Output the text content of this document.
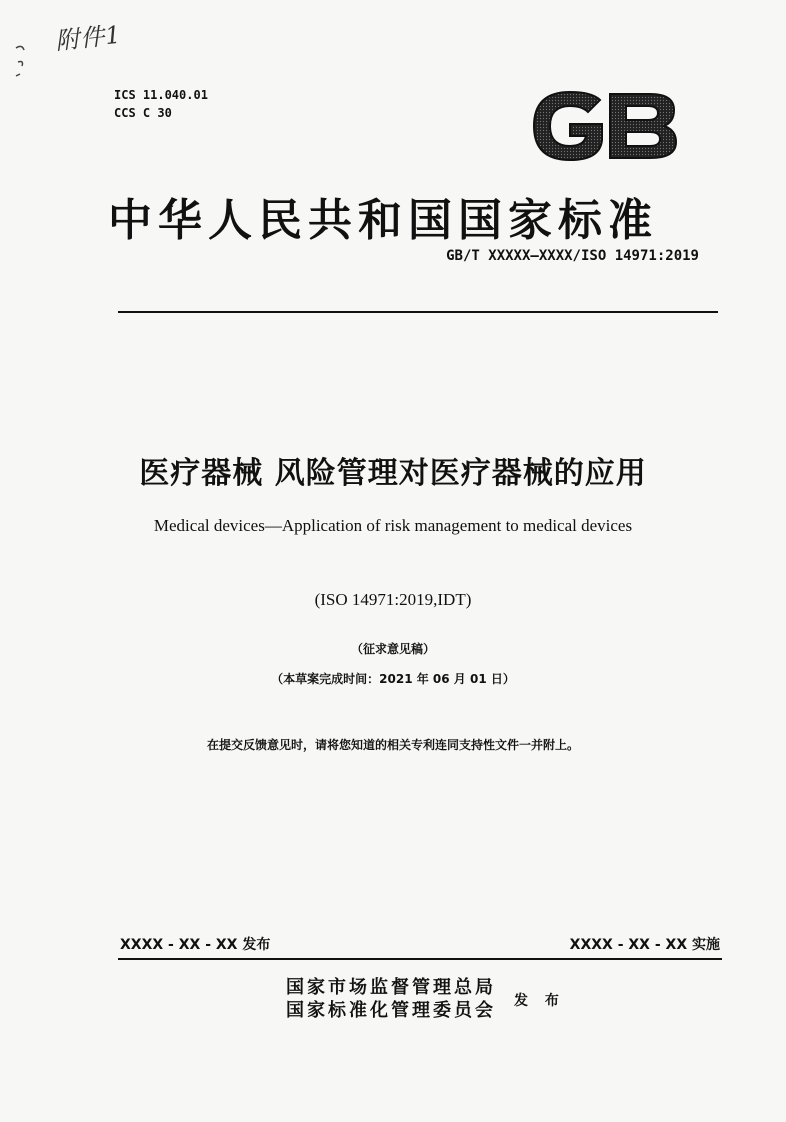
附件1
ICS 11.040.01
CCS C 30
中华人民共和国国家标准
GB/T XXXXX—XXXX/ISO 14971:2019
医疗器械 风险管理对医疗器械的应用
Medical devices—Application of risk management to medical devices
(ISO 14971:2019,IDT)
（征求意见稿）
（本草案完成时间：2021 年 06 月 01 日）
在提交反馈意见时，请将您知道的相关专利连同支持性文件一并附上。
XXXX - XX - XX 发布	XXXX - XX - XX 实施
国家市场监督管理总局
国家标准化管理委员会 发 布
